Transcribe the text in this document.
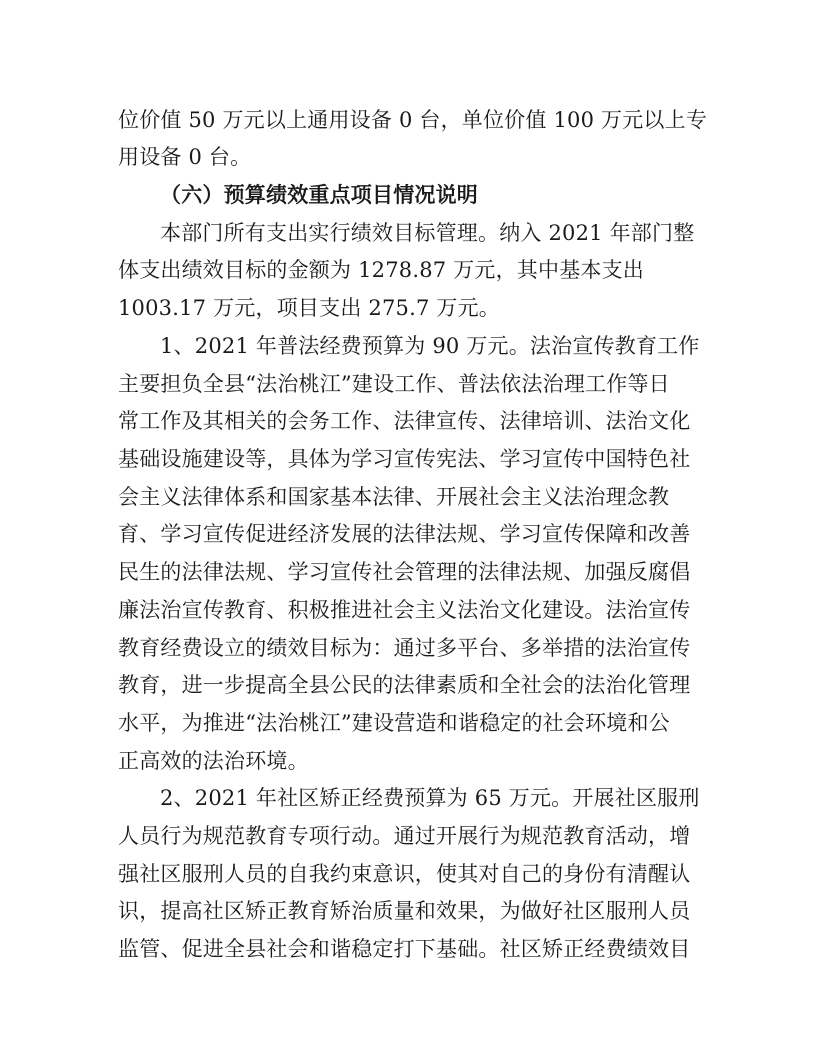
位价值 50 万元以上通用设备 0 台，单位价值 100 万元以上专
用设备 0 台。
（六）预算绩效重点项目情况说明
本部门所有支出实行绩效目标管理。纳入 2021 年部门整
体支出绩效目标的金额为 1278.87 万元，其中基本支出
1003.17 万元，项目支出 275.7 万元。
1、2021 年普法经费预算为 90 万元。法治宣传教育工作
主要担负全县“法治桃江”建设工作、普法依法治理工作等日
常工作及其相关的会务工作、法律宣传、法律培训、法治文化
基础设施建设等，具体为学习宣传宪法、学习宣传中国特色社
会主义法律体系和国家基本法律、开展社会主义法治理念教
育、学习宣传促进经济发展的法律法规、学习宣传保障和改善
民生的法律法规、学习宣传社会管理的法律法规、加强反腐倡
廉法治宣传教育、积极推进社会主义法治文化建设。法治宣传
教育经费设立的绩效目标为：通过多平台、多举措的法治宣传
教育，进一步提高全县公民的法律素质和全社会的法治化管理
水平，为推进“法治桃江”建设营造和谐稳定的社会环境和公
正高效的法治环境。
2、2021 年社区矫正经费预算为 65 万元。开展社区服刑
人员行为规范教育专项行动。通过开展行为规范教育活动，增
强社区服刑人员的自我约束意识，使其对自己的身份有清醒认
识，提高社区矫正教育矫治质量和效果，为做好社区服刑人员
监管、促进全县社会和谐稳定打下基础。社区矫正经费绩效目
